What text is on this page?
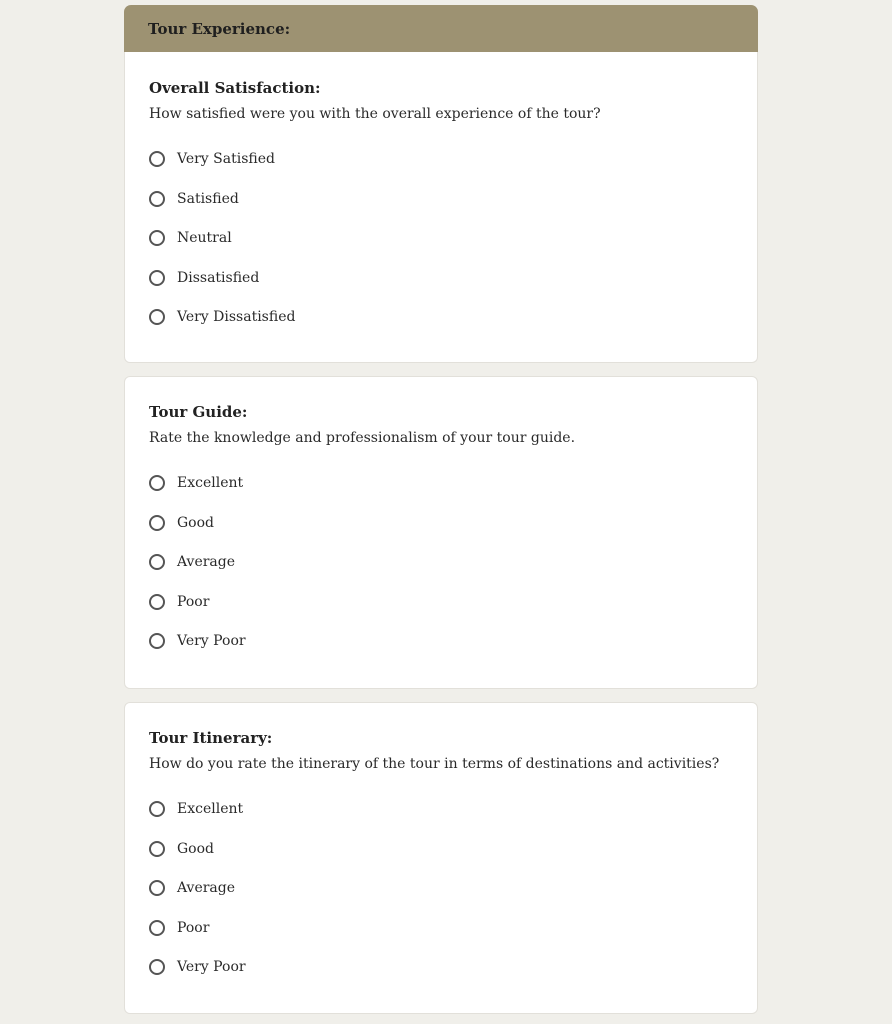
Tour Experience:
Overall Satisfaction:

How satisfied were you with the overall experience of the tour?

Very Satisfied
Satisfied
Neutral
Dissatisfied
Very Dissatisfied
Tour Guide:

Rate the knowledge and professionalism of your tour guide.

Excellent
Good
Average
Poor
Very Poor
Tour Itinerary:

How do you rate the itinerary of the tour in terms of destinations and activities?

Excellent
Good
Average
Poor
Very Poor
